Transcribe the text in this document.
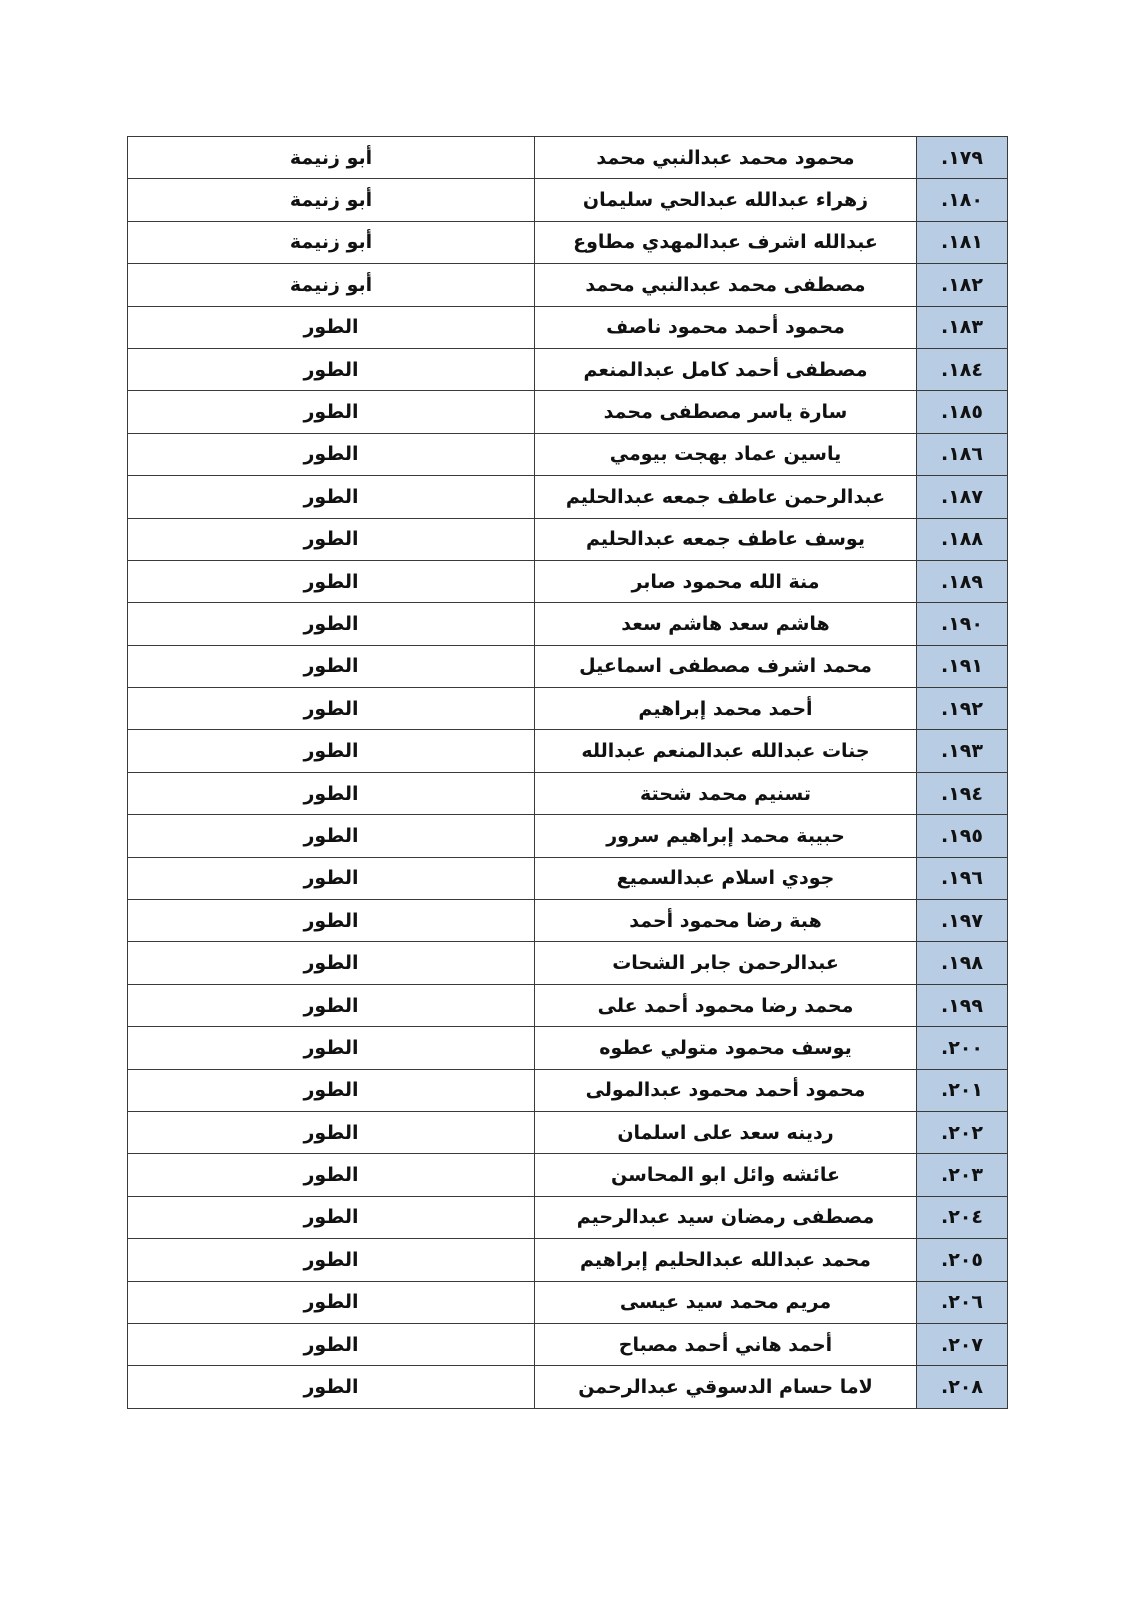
١٧٩.	محمود محمد عبدالنبي محمد	أبو زنيمة
١٨٠.	زهراء عبدالله عبدالحي سليمان	أبو زنيمة
١٨١.	عبدالله اشرف عبدالمهدي مطاوع	أبو زنيمة
١٨٢.	مصطفى محمد عبدالنبي محمد	أبو زنيمة
١٨٣.	محمود أحمد محمود ناصف	الطور
١٨٤.	مصطفى أحمد كامل عبدالمنعم	الطور
١٨٥.	سارة ياسر مصطفى محمد	الطور
١٨٦.	ياسين عماد بهجت بيومي	الطور
١٨٧.	عبدالرحمن عاطف جمعه عبدالحليم	الطور
١٨٨.	يوسف عاطف جمعه عبدالحليم	الطور
١٨٩.	منة الله محمود صابر	الطور
١٩٠.	هاشم سعد هاشم سعد	الطور
١٩١.	محمد اشرف مصطفى اسماعيل	الطور
١٩٢.	أحمد محمد إبراهيم	الطور
١٩٣.	جنات عبدالله عبدالمنعم عبدالله	الطور
١٩٤.	تسنيم محمد شحتة	الطور
١٩٥.	حبيبة محمد إبراهيم سرور	الطور
١٩٦.	جودي اسلام عبدالسميع	الطور
١٩٧.	هبة رضا محمود أحمد	الطور
١٩٨.	عبدالرحمن جابر الشحات	الطور
١٩٩.	محمد رضا محمود أحمد على	الطور
٢٠٠.	يوسف محمود متولي عطوه	الطور
٢٠١.	محمود أحمد محمود عبدالمولى	الطور
٢٠٢.	ردينه سعد على اسلمان	الطور
٢٠٣.	عائشه وائل ابو المحاسن	الطور
٢٠٤.	مصطفى رمضان سيد عبدالرحيم	الطور
٢٠٥.	محمد عبدالله عبدالحليم إبراهيم	الطور
٢٠٦.	مريم محمد سيد عيسى	الطور
٢٠٧.	أحمد هاني أحمد مصباح	الطور
٢٠٨.	لاما حسام الدسوقي عبدالرحمن	الطور
